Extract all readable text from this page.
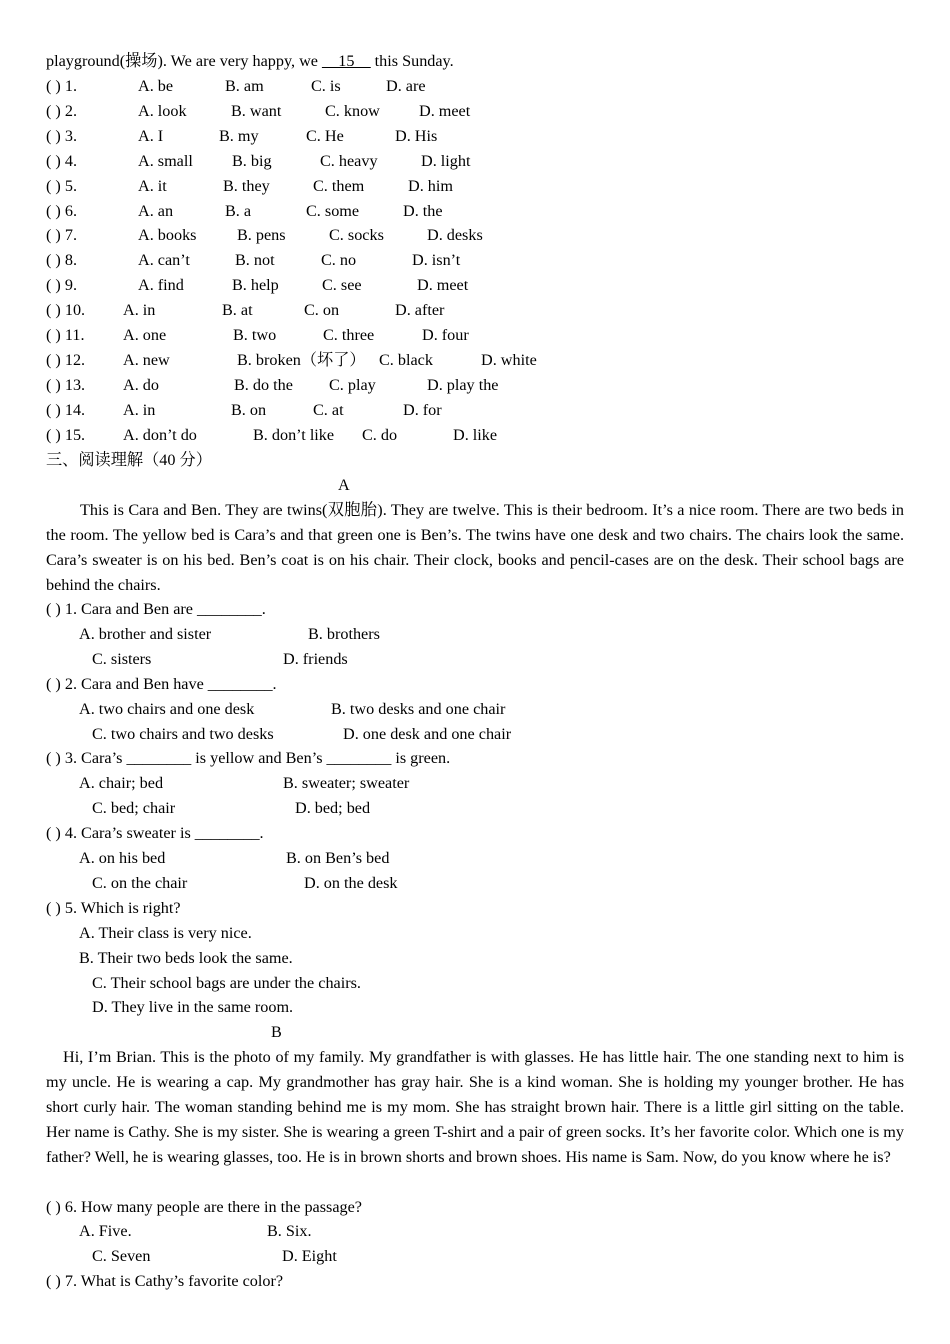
playground(操场). We are very happy, we __15__ this Sunday.
( ) 1.	A. be	B. am	C. is	D. are
( ) 2.	A. look	B. want	C. know D. meet
( ) 3.	A. I	B. my	C. He	D. His
( ) 4.	A. small B. big	C. heavy	D. light
( ) 5.	A. it	B. they	C. them	D. him
( ) 6.	A. an	B. a	C. some	D. the
( ) 7.	A. books	B. pens	C. socks	D. desks
( ) 8.	A. can’t	B. not	C. no	D. isn’t
( ) 9.	A. find	B. help	C. see	D. meet
( ) 10. A. in	B. at	C. on	D. after
( ) 11. A. one	B. two	C. three	D. four
( ) 12. A. new	B. broken（坏了） C. black	D. white
( ) 13. A. do	B. do the C. play	D. play the
( ) 14. A. in	B. on	C. at	D. for
( ) 15. A. don’t do	B. don’t like C. do	D. like
三、阅读理解（40 分）
A

This is Cara and Ben. They are twins(双胞胎). They are twelve. This is their bedroom. It’s a nice room. There are two beds in the room. The yellow bed is Cara’s and that green one is Ben’s. The twins have one desk and two chairs. The chairs look the same. Cara’s sweater is on his bed. Ben’s coat is on his chair. Their clock, books and pencil-cases are on the desk. Their school bags are behind the chairs.

( ) 1. Cara and Ben are ________.
A. brother and sister	B. brothers
C. sisters	D. friends
( ) 2. Cara and Ben have ________.
A. two chairs and one desk	B. two desks and one chair
C. two chairs and two desks	D. one desk and one chair
( ) 3. Cara’s ________ is yellow and Ben’s ________ is green.
A. chair; bed	B. sweater; sweater
C. bed; chair	D. bed; bed
( ) 4. Cara’s sweater is ________.
A. on his bed	B. on Ben’s bed
C. on the chair	D. on the desk
( ) 5. Which is right?
A. Their class is very nice.
B. Their two beds look the same.
C. Their school bags are under the chairs.
D. They live in the same room.
B

Hi, I’m Brian. This is the photo of my family. My grandfather is with glasses. He has little hair. The one standing next to him is my uncle. He is wearing a cap. My grandmother has gray hair. She is a kind woman. She is holding my younger brother. He has short curly hair. The woman standing behind me is my mom. She has straight brown hair. There is a little girl sitting on the table. Her name is Cathy. She is my sister. She is wearing a green T-shirt and a pair of green socks. It’s her favorite color. Which one is my father? Well, he is wearing glasses, too. He is in brown shorts and brown shoes. His name is Sam. Now, do you know where he is?

( ) 6. How many people are there in the passage?
A. Five.	B. Six.
C. Seven	D. Eight
( ) 7. What is Cathy’s favorite color?
